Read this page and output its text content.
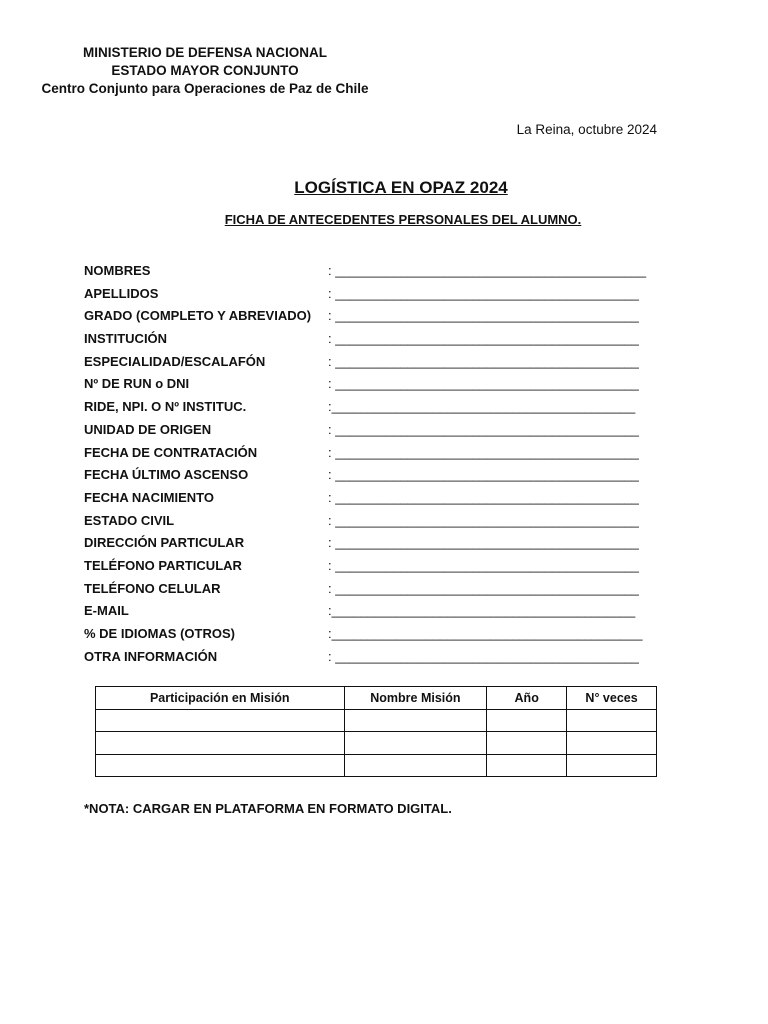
MINISTERIO DE DEFENSA NACIONAL
ESTADO MAYOR CONJUNTO
Centro Conjunto para Operaciones de Paz de Chile
La Reina, octubre 2024
LOGÍSTICA EN OPAZ 2024
FICHA DE ANTECEDENTES PERSONALES DEL ALUMNO.
NOMBRES	: ___________________________________________
APELLIDOS	: __________________________________________
GRADO (COMPLETO Y ABREVIADO)	: __________________________________________
INSTITUCIÓN	: __________________________________________
ESPECIALIDAD/ESCALAFÓN	: __________________________________________
Nº DE RUN o DNI	: __________________________________________
RIDE, NPI. O Nº INSTITUC.	:__________________________________________
UNIDAD DE ORIGEN	: __________________________________________
FECHA DE CONTRATACIÓN	: __________________________________________
FECHA ÚLTIMO ASCENSO	: __________________________________________
FECHA NACIMIENTO	: __________________________________________
ESTADO CIVIL	: __________________________________________
DIRECCIÓN PARTICULAR	: __________________________________________
TELÉFONO PARTICULAR	: __________________________________________
TELÉFONO CELULAR	: __________________________________________
E-MAIL	:__________________________________________
% DE IDIOMAS (OTROS)	:___________________________________________
OTRA INFORMACIÓN	: __________________________________________
Participación en Misión	Nombre Misión	Año	N° veces

*NOTA: CARGAR EN PLATAFORMA EN FORMATO DIGITAL.
